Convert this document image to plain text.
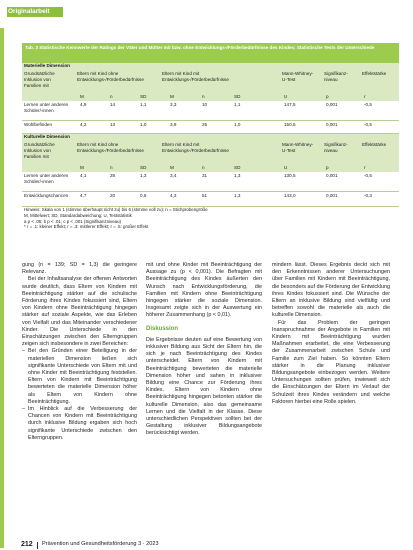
Originalarbeit
Tab. 3 Statistische Kennwerte der Ratings der Väter und Mütter mit bzw. ohne Entwicklungs-/Förderbedürfnisse des Kindes; Statistische Tests der Unterschiede
Materielle Dimension
Grundsätzliche Inklusion von Familien mit
Eltern mit Kind ohne Entwicklungs-/Förderbedürfnisse
Eltern mit Kind mit Entwicklungs-/Förderbedürfnisse
Mann-Whitney-U-Test
Signifikanz-niveau
Effektstärke
M	n	SD	M	n	SD	U	p	r
Lernen unter anderen Schüler/-innen
4,9	14	1,1	3,3	10	1,1	147,5	0,001	-0,5
Wohlbefinden	4,2	13	1,0	3,9	25	1,0	150,5	0,001	-0,5
Kulturelle Dimension
Grundsätzliche Inklusion von Familien mit
Eltern mit Kind ohne Entwicklungs-/Förderbedürfnisse
Eltern mit Kind mit Entwicklungs-/Förderbedürfnisse
Mann-Whitney-U-Test
Signifikanz-niveau
Effektstärke
M	n	SD	M	n	SD	U	p	r
Lernen unter anderen Schüler/-innen
4,1	28	1,3	3,4	31	1,3	130,5	0,001	-0,5
Entwicklungschancen	4,7	20	0,6	4,3	51	1,3	143,0	0,001	-0,3
Hinweis: Skala von 1 (stimme überhaupt nicht zu) bis 6 (stimme voll zu); n = Stichprobengröße
M, Mittelwert; SD, Standardabweichung; U, Teststatistik
a p < .05; b p < .01; c p < .001 (Signifikanzniveau)
* r = .1: kleiner Effekt; r = .3: mittlerer Effekt; r = .5: großer Effekt

gung (n = 139; SD = 1,3) die geringere Relevanz.

Bei der Inhaltsanalyse der offenen Antworten wurde deutlich, dass Eltern von Kindern mit Beeinträchtigung stärker auf die schulische Förderung ihres Kindes fokussiert sind, Eltern von Kindern ohne Beeinträchtigung hingegen stärker auf soziale Aspekte, wie das Erleben von Vielfalt und das Miteinander verschiedener Kinder. Die Unterschiede in den Einschätzungen zwischen den Elterngruppen zeigen sich insbesondere in zwei Bereichen:

– Bei den Gründen einer Beteiligung in der materiellen Dimension ließen sich signifikante Unterschiede von Eltern mit und ohne Kinder mit Beeinträchtigung feststellen. Eltern von Kindern mit Beeinträchtigung bewerteten die materielle Dimension höher als Eltern von Kindern ohne Beeinträchtigung.

– Im Hinblick auf die Verbesserung der Chancen von Kindern mit Beeinträchtigung durch inklusive Bildung ergaben sich hoch signifikante Unterschiede zwischen den Elterngruppen.

mit und ohne Kinder mit Beeinträchtigung der Aussage zu (p < 0,001). Die Befragten mit Beeinträchtigung des Kindes äußerten den Wunsch nach Entwicklungsförderung, die Familien mit Kindern ohne Beeinträchtigung hingegen stärker die soziale Dimension. Insgesamt zeigte sich in der Auswertung ein höherer Zusammenhang (p < 0,01).

Diskussion

Die Ergebnisse deuten auf eine Bewertung von inklusiver Bildung aus Sicht der Eltern hin, die sich je nach Beeinträchtigung des Kindes unterscheidet. Eltern von Kindern mit Beeinträchtigung bewerteten die materielle Dimension höher und sahen in inklusiver Bildung eine Chance zur Förderung ihres Kindes. Eltern von Kindern ohne Beeinträchtigung hingegen betonten stärker die kulturelle Dimension, also das gemeinsame Lernen und die Vielfalt in der Klasse. Diese unterschiedlichen Perspektiven sollten bei der Gestaltung inklusiver Bildungsangebote berücksichtigt werden.

mindern lässt. Dieses Ergebnis deckt sich mit den Erkenntnissen anderer Untersuchungen über Familien mit Kindern mit Beeinträchtigung, die besonders auf die Förderung der Entwicklung ihres Kindes fokussiert sind. Die Wünsche der Eltern an inklusive Bildung sind vielfältig und betreffen sowohl die materielle als auch die kulturelle Dimension.

Für das Problem der geringen Inanspruchnahme der Angebote in Familien mit Kindern mit Beeinträchtigung wurden Maßnahmen erarbeitet, die eine Verbesserung der Zusammenarbeit zwischen Schule und Familie zum Ziel haben. So könnten Eltern stärker in die Planung inklusiver Bildungsangebote einbezogen werden. Weitere Untersuchungen sollten prüfen, inwieweit sich die Einschätzungen der Eltern im Verlauf der Schulzeit ihres Kindes verändern und welche Faktoren hierbei eine Rolle spielen.

212 Prävention und Gesundheitsförderung 3 · 2023
